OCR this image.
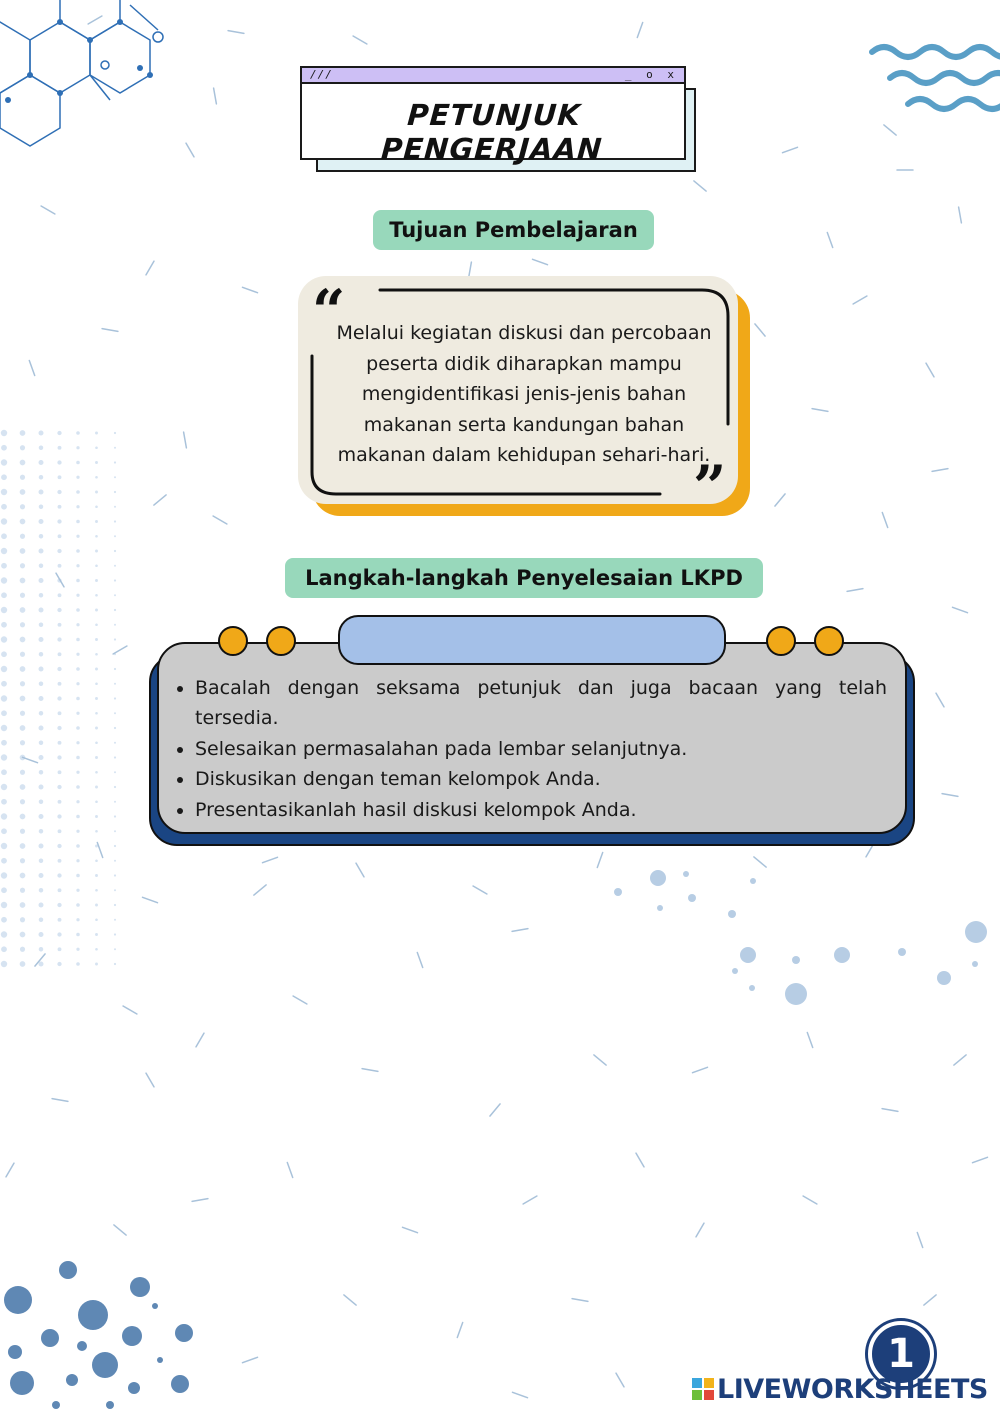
///	_ o x
PETUNJUK PENGERJAAN
Tujuan Pembelajaran
“
”
Melalui kegiatan diskusi dan percobaan peserta didik diharapkan mampu mengidentifikasi jenis-jenis bahan makanan serta kandungan bahan makanan dalam kehidupan sehari-hari.
Langkah-langkah Penyelesaian LKPD
• Bacalah dengan seksama petunjuk dan juga bacaan yang telah tersedia.
• Selesaikan permasalahan pada lembar selanjutnya.
• Diskusikan dengan teman kelompok Anda.
• Presentasikanlah hasil diskusi kelompok Anda.
1
LIVEWORKSHEETS
